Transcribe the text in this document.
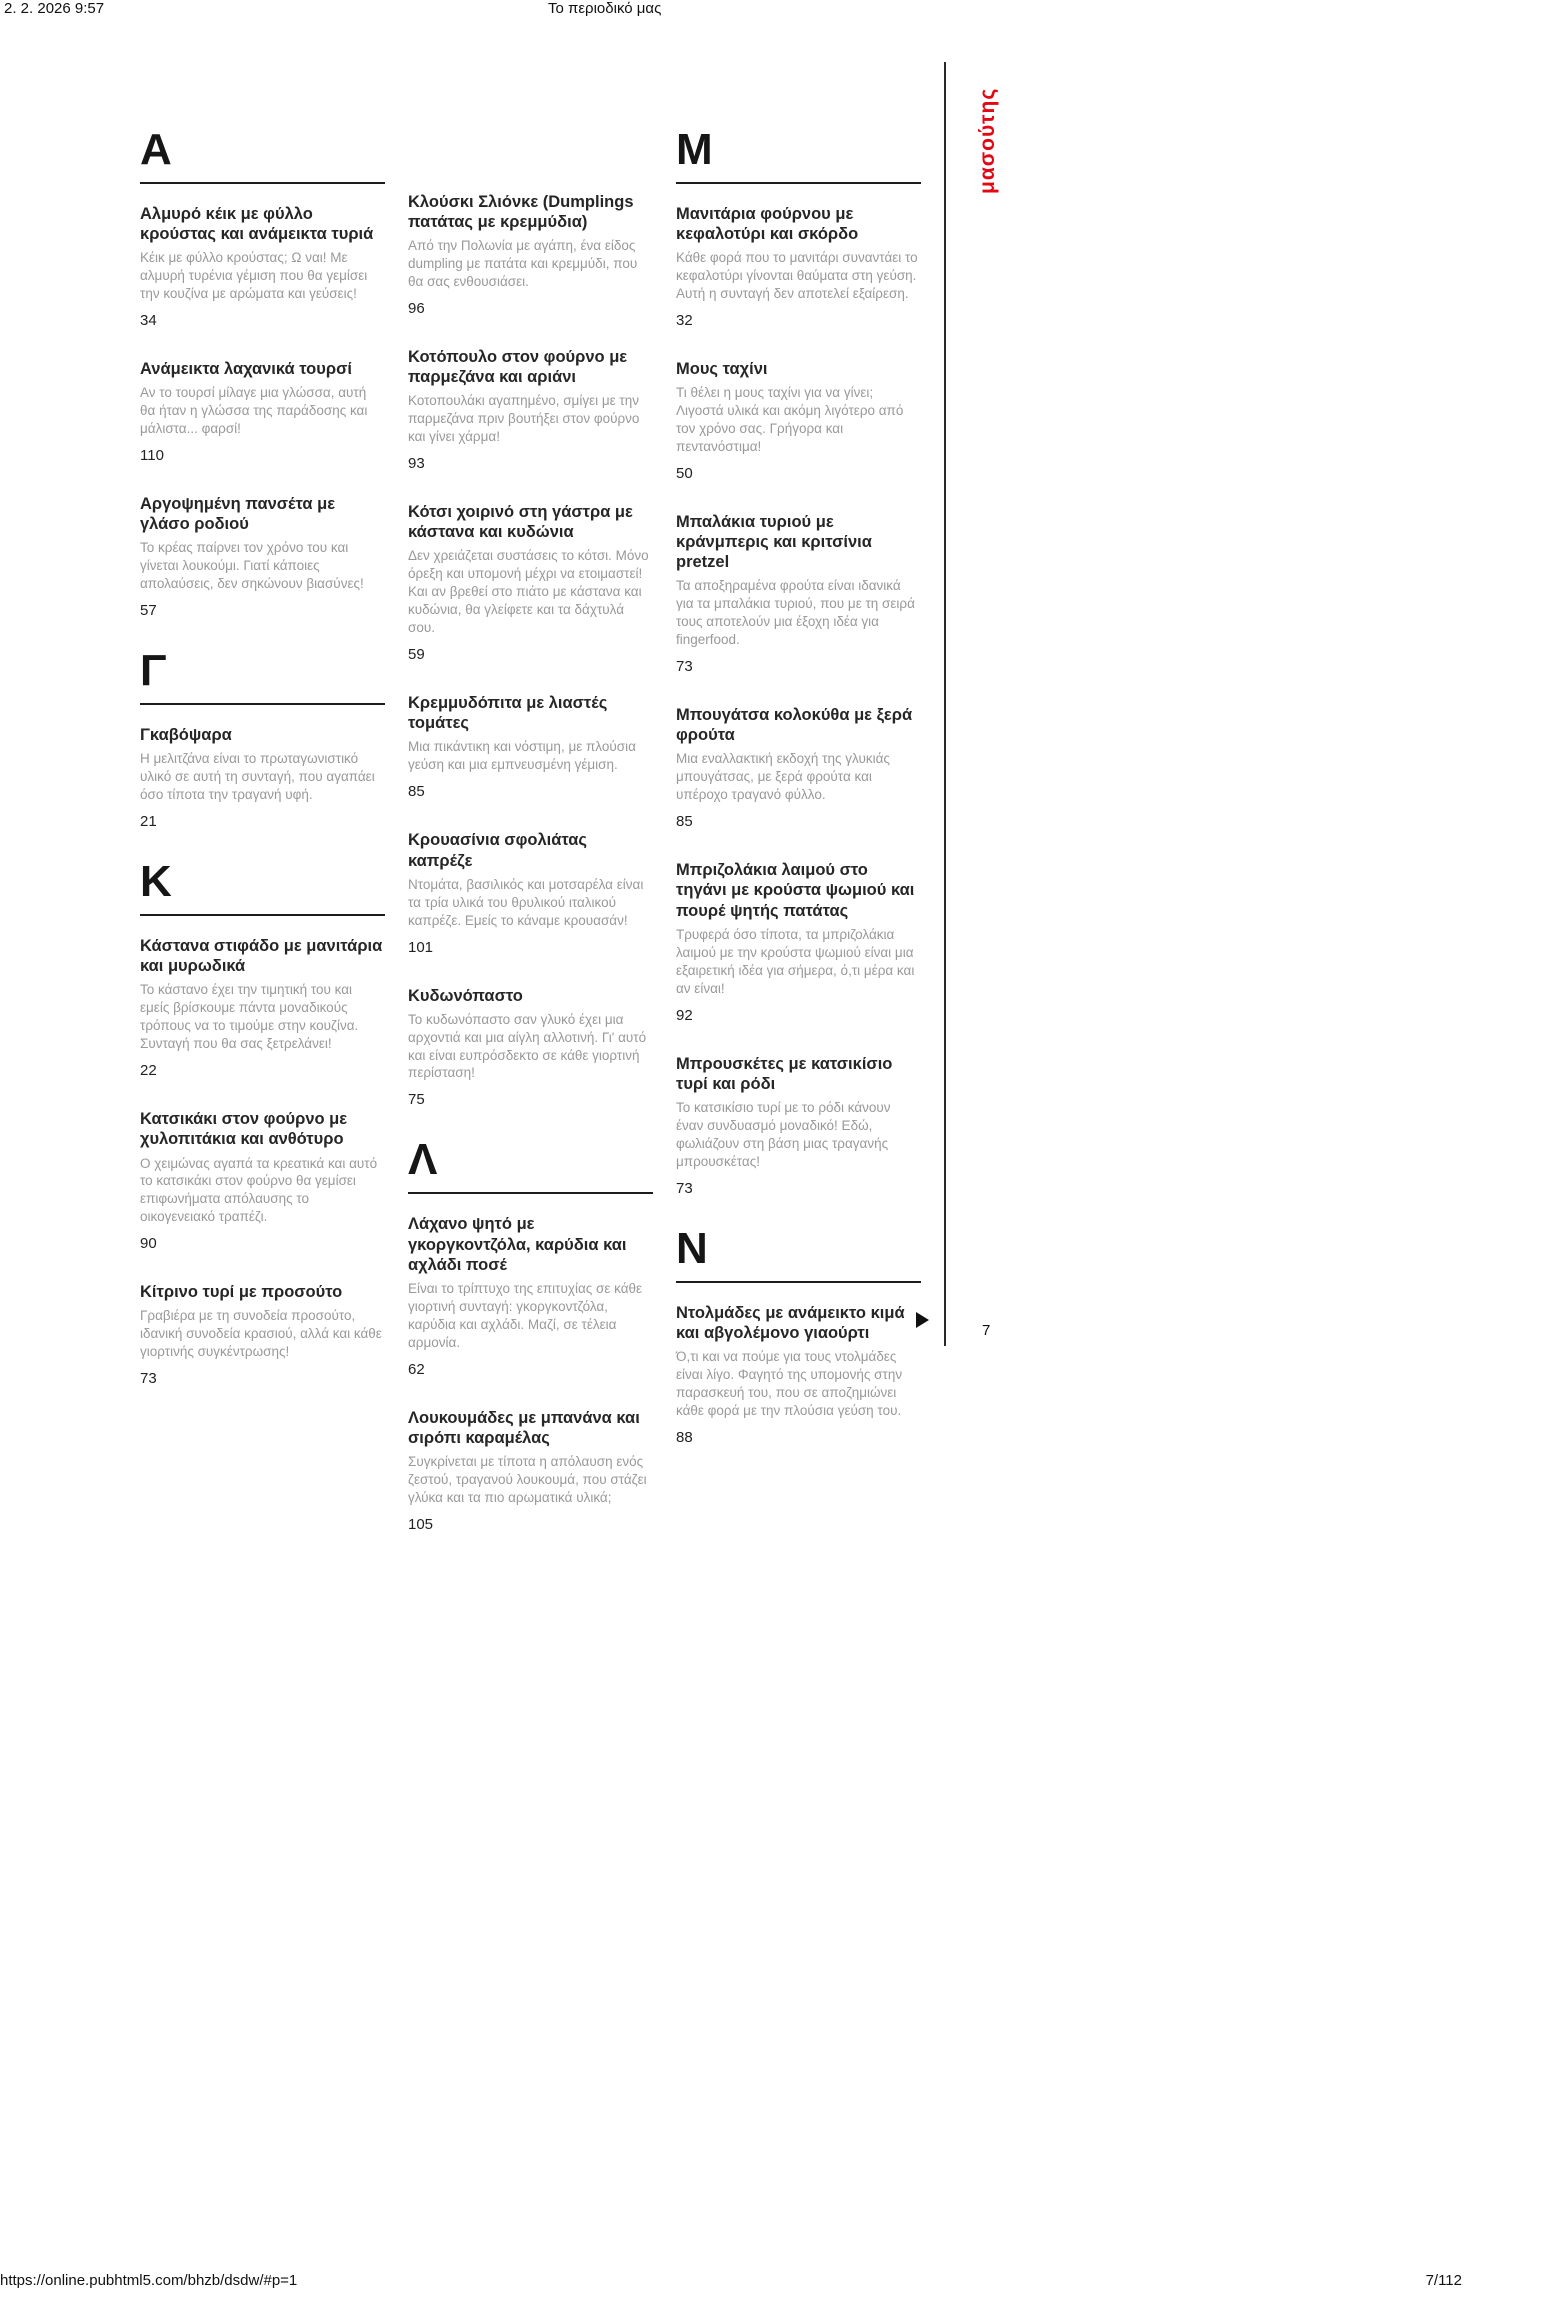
2. 2. 2026 9:57	Το περιοδικό μας
Α
Αλμυρό κέικ με φύλλο κρούστας και ανάμεικτα τυριά
Κέικ με φύλλο κρούστας; Ω ναι! Με αλμυρή τυρένια γέμιση που θα γεμίσει την κουζίνα με αρώματα και γεύσεις!
34
Ανάμεικτα λαχανικά τουρσί
Αν το τουρσί μίλαγε μια γλώσσα, αυτή θα ήταν η γλώσσα της παράδοσης και μάλιστα... φαρσί!
110
Αργοψημένη πανσέτα με γλάσο ροδιού
Το κρέας παίρνει τον χρόνο του και γίνεται λουκούμι. Γιατί κάποιες απολαύσεις, δεν σηκώνουν βιασύνες!
57
Γ
Γκαβόψαρα
Η μελιτζάνα είναι το πρωταγωνιστικό υλικό σε αυτή τη συνταγή, που αγαπάει όσο τίποτα την τραγανή υφή.
21
Κ
Κάστανα στιφάδο με μανιτάρια και μυρωδικά
Το κάστανο έχει την τιμητική του και εμείς βρίσκουμε πάντα μοναδικούς τρόπους να το τιμούμε στην κουζίνα. Συνταγή που θα σας ξετρελάνει!
22
Κατσικάκι στον φούρνο με χυλοπιτάκια και ανθότυρο
Ο χειμώνας αγαπά τα κρεατικά και αυτό το κατσικάκι στον φούρνο θα γεμίσει επιφωνήματα απόλαυσης το οικογενειακό τραπέζι.
90
Κίτρινο τυρί με προσούτο
Γραβιέρα με τη συνοδεία προσούτο, ιδανική συνοδεία κρασιού, αλλά και κάθε γιορτινής συγκέντρωσης!
73
Κλούσκι Σλιόνκε (Dumplings πατάτας με κρεμμύδια)
Από την Πολωνία με αγάπη, ένα είδος dumpling με πατάτα και κρεμμύδι, που θα σας ενθουσιάσει.
96
Κοτόπουλο στον φούρνο με παρμεζάνα και αριάνι
Κοτοπουλάκι αγαπημένο, σμίγει με την παρμεζάνα πριν βουτήξει στον φούρνο και γίνει χάρμα!
93
Κότσι χοιρινό στη γάστρα με κάστανα και κυδώνια
Δεν χρειάζεται συστάσεις το κότσι. Μόνο όρεξη και υπομονή μέχρι να ετοιμαστεί! Και αν βρεθεί στο πιάτο με κάστανα και κυδώνια, θα γλείφετε και τα δάχτυλά σου.
59
Κρεμμυδόπιτα με λιαστές τομάτες
Μια πικάντικη και νόστιμη, με πλούσια γεύση και μια εμπνευσμένη γέμιση.
85
Κρουασίνια σφολιάτας καπρέζε
Ντομάτα, βασιλικός και μοτσαρέλα είναι τα τρία υλικά του θρυλικού ιταλικού καπρέζε. Εμείς το κάναμε κρουασάν!
101
Κυδωνόπαστο
Το κυδωνόπαστο σαν γλυκό έχει μια αρχοντιά και μια αίγλη αλλοτινή. Γι' αυτό και είναι ευπρόσδεκτο σε κάθε γιορτινή περίσταση!
75
Λ
Λάχανο ψητό με γκοργκοντζόλα, καρύδια και αχλάδι ποσέ
Είναι το τρίπτυχο της επιτυχίας σε κάθε γιορτινή συνταγή: γκοργκοντζόλα, καρύδια και αχλάδι. Μαζί, σε τέλεια αρμονία.
62
Λουκουμάδες με μπανάνα και σιρόπι καραμέλας
Συγκρίνεται με τίποτα η απόλαυση ενός ζεστού, τραγανού λουκουμά, που στάζει γλύκα και τα πιο αρωματικά υλικά;
105
Μ
Μανιτάρια φούρνου με κεφαλοτύρι και σκόρδο
Κάθε φορά που το μανιτάρι συναντάει το κεφαλοτύρι γίνονται θαύματα στη γεύση. Αυτή η συνταγή δεν αποτελεί εξαίρεση.
32
Μους ταχίνι
Τι θέλει η μους ταχίνι για να γίνει; Λιγοστά υλικά και ακόμη λιγότερο από τον χρόνο σας. Γρήγορα και πεντανόστιμα!
50
Μπαλάκια τυριού με κράνμπερις και κριτσίνια pretzel
Τα αποξηραμένα φρούτα είναι ιδανικά για τα μπαλάκια τυριού, που με τη σειρά τους αποτελούν μια έξοχη ιδέα για fingerfood.
73
Μπουγάτσα κολοκύθα με ξερά φρούτα
Μια εναλλακτική εκδοχή της γλυκιάς μπουγάτσας, με ξερά φρούτα και υπέροχο τραγανό φύλλο.
85
Μπριζολάκια λαιμού στο τηγάνι με κρούστα ψωμιού και πουρέ ψητής πατάτας
Τρυφερά όσο τίποτα, τα μπριζολάκια λαιμού με την κρούστα ψωμιού είναι μια εξαιρετική ιδέα για σήμερα, ό,τι μέρα και αν είναι!
92
Μπρουσκέτες με κατσικίσιο τυρί και ρόδι
Το κατσικίσιο τυρί με το ρόδι κάνουν έναν συνδυασμό μοναδικό! Εδώ, φωλιάζουν στη βάση μιας τραγανής μπρουσκέτας!
73
Ν
Ντολμάδες με ανάμεικτο κιμά και αβγολέμονο γιαούρτι
Ό,τι και να πούμε για τους ντολμάδες είναι λίγο. Φαγητό της υπομονής στην παρασκευή του, που σε αποζημιώνει κάθε φορά με την πλούσια γεύση του.
88
μασούτης
7
https://online.pubhtml5.com/bhzb/dsdw/#p=1	7/112
